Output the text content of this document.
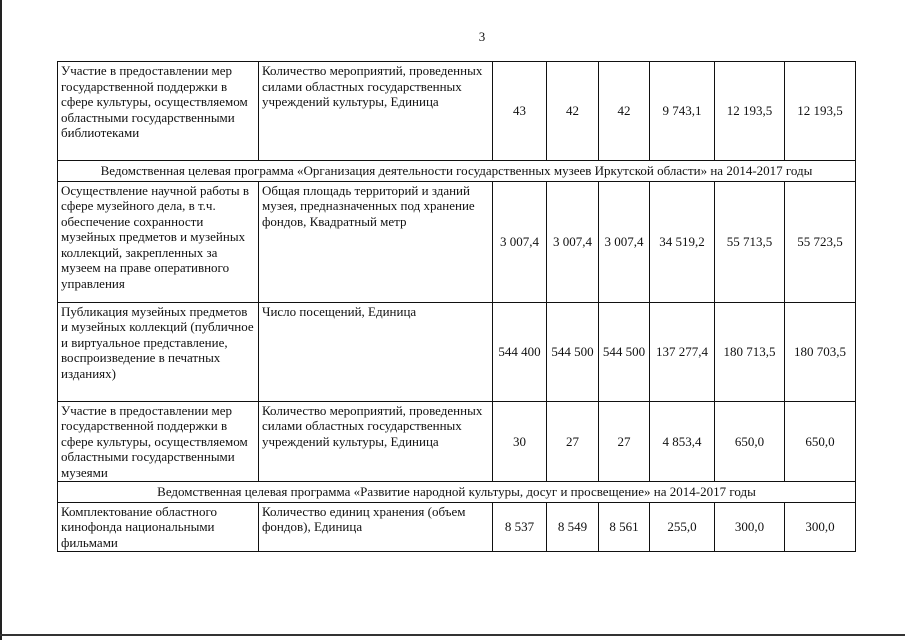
3
Участие в предоставлении мер государственной поддержки в сфере культуры, осуществляемом областными государственными библиотеками	Количество мероприятий, проведенных силами областных государственных учреждений культуры, Единица	43	42	42	9 743,1	12 193,5	12 193,5
Ведомственная целевая программа «Организация деятельности государственных музеев Иркутской области» на 2014-2017 годы							
Осуществление научной работы в сфере музейного дела, в т.ч. обеспечение сохранности музейных предметов и музейных коллекций, закрепленных за музеем на праве оперативного управления	Общая площадь территорий и зданий музея, предназначенных под хранение фондов, Квадратный метр	3 007,4	3 007,4	3 007,4	34 519,2	55 713,5	55 723,5
Публикация музейных предметов и музейных коллекций (публичное и виртуальное представление, воспроизведение в печатных изданиях)	Число посещений, Единица	544 400	544 500	544 500	137 277,4	180 713,5	180 703,5
Участие в предоставлении мер государственной поддержки в сфере культуры, осуществляемом областными государственными музеями	Количество мероприятий, проведенных силами областных государственных учреждений культуры, Единица	30	27	27	4 853,4	650,0	650,0
Ведомственная целевая программа «Развитие народной культуры, досуг и просвещение» на 2014-2017 годы							
Комплектование областного кинофонда национальными фильмами	Количество единиц хранения (объем фондов), Единица	8 537	8 549	8 561	255,0	300,0	300,0
